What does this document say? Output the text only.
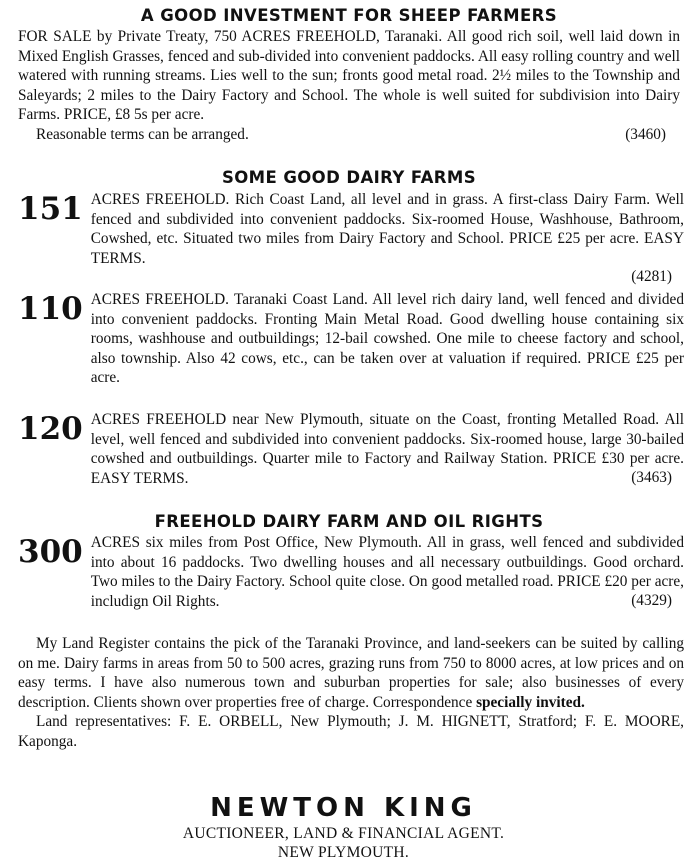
A GOOD INVESTMENT FOR SHEEP FARMERS

FOR SALE by Private Treaty, 750 ACRES FREEHOLD, Taranaki. All good rich soil, well laid down in Mixed English Grasses, fenced and sub-divided into convenient paddocks. All easy rolling country and well watered with running streams. Lies well to the sun; fronts good metal road. 2½ miles to the Township and Saleyards; 2 miles to the Dairy Factory and School. The whole is well suited for subdivision into Dairy Farms. PRICE, £8 5s per acre.

Reasonable terms can be arranged.	(3460)

SOME GOOD DAIRY FARMS
151 ACRES FREEHOLD. Rich Coast Land, all level and in grass. A first-class Dairy Farm. Well fenced and subdivided into convenient paddocks. Six-roomed House, Washhouse, Bathroom, Cowshed, etc. Situated two miles from Dairy Factory and School. PRICE £25 per acre. EASY TERMS.

(4281)

110 ACRES FREEHOLD. Taranaki Coast Land. All level rich dairy land, well fenced and divided into convenient paddocks. Fronting Main Metal Road. Good dwelling house containing six rooms, washhouse and outbuildings; 12-bail cowshed. One mile to cheese factory and school, also township. Also 42 cows, etc., can be taken over at valuation if required. PRICE £25 per acre.

120 ACRES FREEHOLD near New Plymouth, situate on the Coast, fronting Metalled Road. All level, well fenced and subdivided into convenient paddocks. Six-roomed house, large 30-bailed cowshed and outbuildings. Quarter mile to Factory and Railway Station. PRICE £30 per acre. EASY TERMS.	(3463)

FREEHOLD DAIRY FARM AND OIL RIGHTS
300 ACRES six miles from Post Office, New Plymouth. All in grass, well fenced and subdivided into about 16 paddocks. Two dwelling houses and all necessary outbuildings. Good orchard. Two miles to the Dairy Factory. School quite close. On good metalled road. PRICE £20 per acre, includign Oil Rights.	(4329)

My Land Register contains the pick of the Taranaki Province, and land-seekers can be suited by calling on me. Dairy farms in areas from 50 to 500 acres, grazing runs from 750 to 8000 acres, at low prices and on easy terms. I have also numerous town and suburban properties for sale; also businesses of every description. Clients shown over properties free of charge. Correspondence specially invited.

Land representatives: F. E. ORBELL, New Plymouth; J. M. HIGNETT, Stratford; F. E. MOORE, Kaponga.

NEWTON KING
AUCTIONEER, LAND & FINANCIAL AGENT.
NEW PLYMOUTH.
